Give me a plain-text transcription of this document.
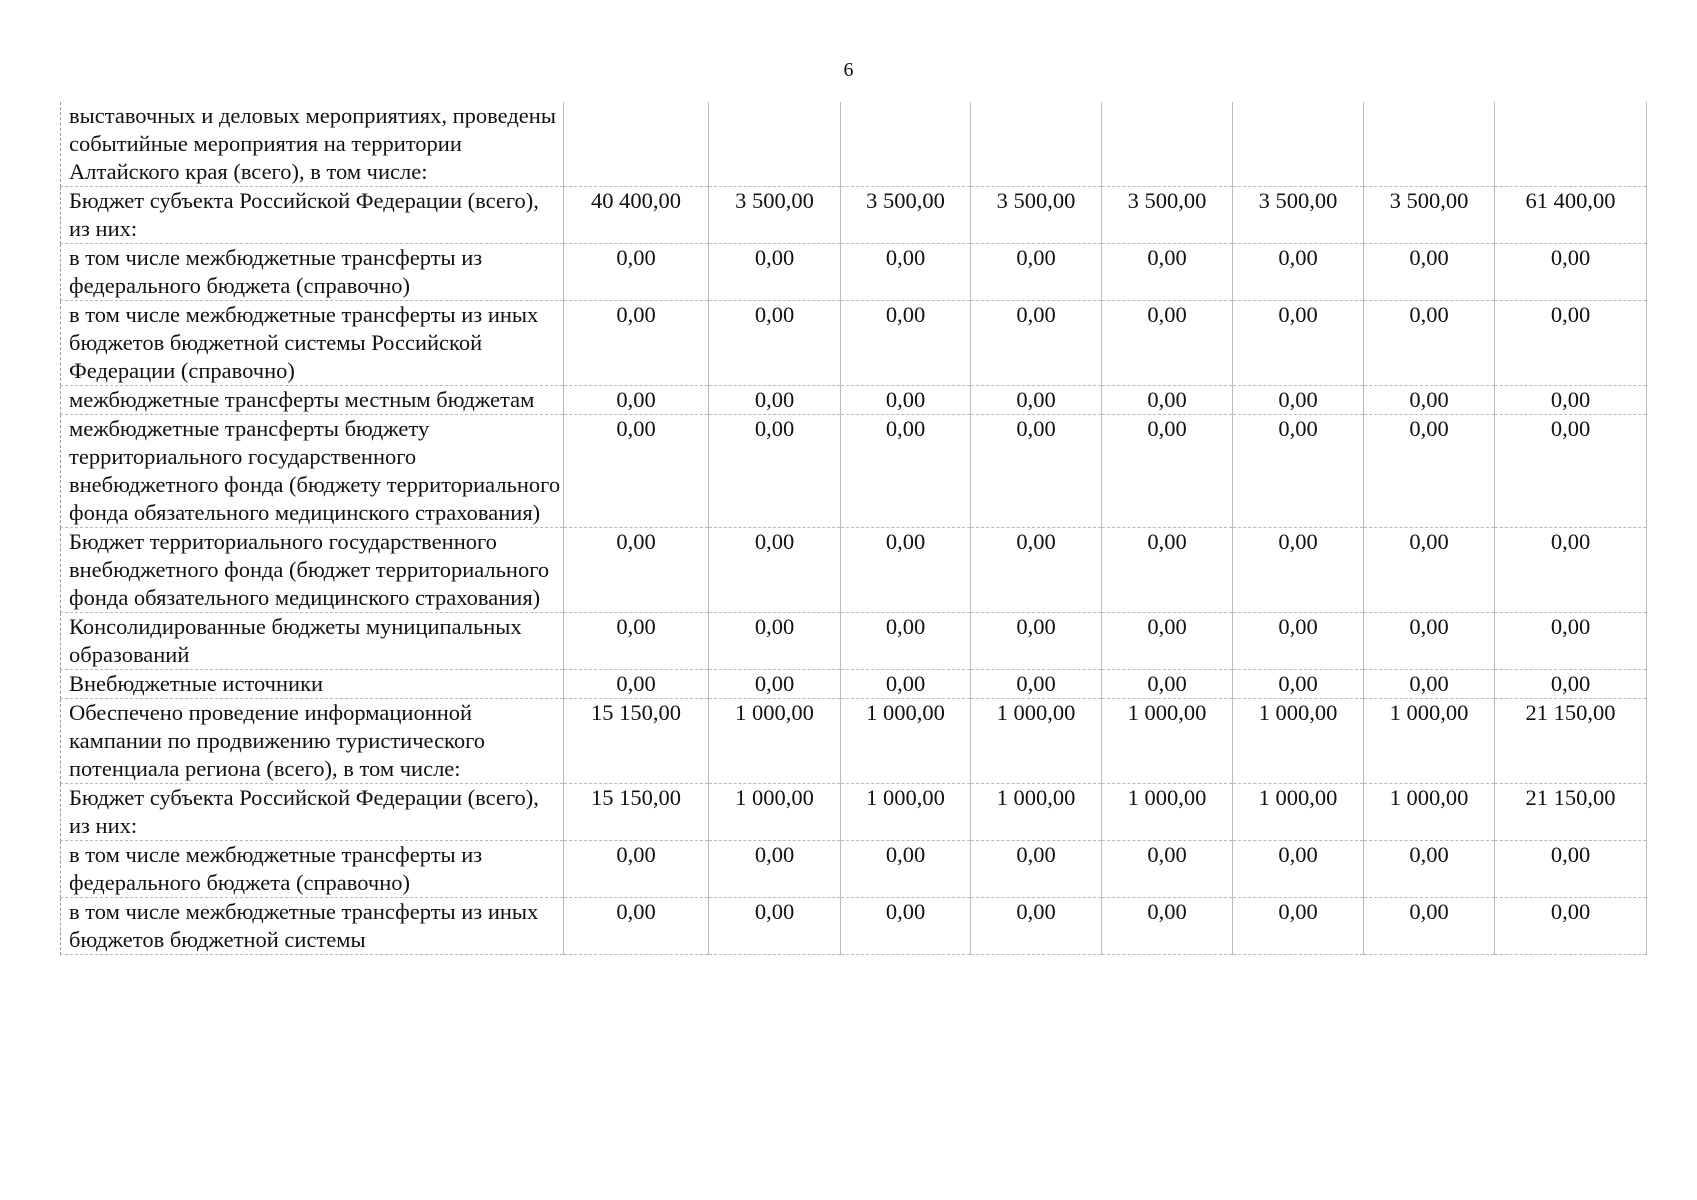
6
выставочных и деловых мероприятиях, проведены событийные мероприятия на территории Алтайского края (всего), в том числе:								
Бюджет субъекта Российской Федерации (всего), из них:	40 400,00	3 500,00	3 500,00	3 500,00	3 500,00	3 500,00	3 500,00	61 400,00
в том числе межбюджетные трансферты из федерального бюджета (справочно)	0,00	0,00	0,00	0,00	0,00	0,00	0,00	0,00
в том числе межбюджетные трансферты из иных бюджетов бюджетной системы Российской Федерации (справочно)	0,00	0,00	0,00	0,00	0,00	0,00	0,00	0,00
межбюджетные трансферты местным бюджетам	0,00	0,00	0,00	0,00	0,00	0,00	0,00	0,00
межбюджетные трансферты бюджету территориального государственного внебюджетного фонда (бюджету территориального фонда обязательного медицинского страхования)	0,00	0,00	0,00	0,00	0,00	0,00	0,00	0,00
Бюджет территориального государственного внебюджетного фонда (бюджет территориального фонда обязательного медицинского страхования)	0,00	0,00	0,00	0,00	0,00	0,00	0,00	0,00
Консолидированные бюджеты муниципальных образований	0,00	0,00	0,00	0,00	0,00	0,00	0,00	0,00
Внебюджетные источники	0,00	0,00	0,00	0,00	0,00	0,00	0,00	0,00
Обеспечено проведение информационной кампании по продвижению туристического потенциала региона (всего), в том числе:	15 150,00	1 000,00	1 000,00	1 000,00	1 000,00	1 000,00	1 000,00	21 150,00
Бюджет субъекта Российской Федерации (всего), из них:	15 150,00	1 000,00	1 000,00	1 000,00	1 000,00	1 000,00	1 000,00	21 150,00
в том числе межбюджетные трансферты из федерального бюджета (справочно)	0,00	0,00	0,00	0,00	0,00	0,00	0,00	0,00
в том числе межбюджетные трансферты из иных бюджетов бюджетной системы	0,00	0,00	0,00	0,00	0,00	0,00	0,00	0,00
